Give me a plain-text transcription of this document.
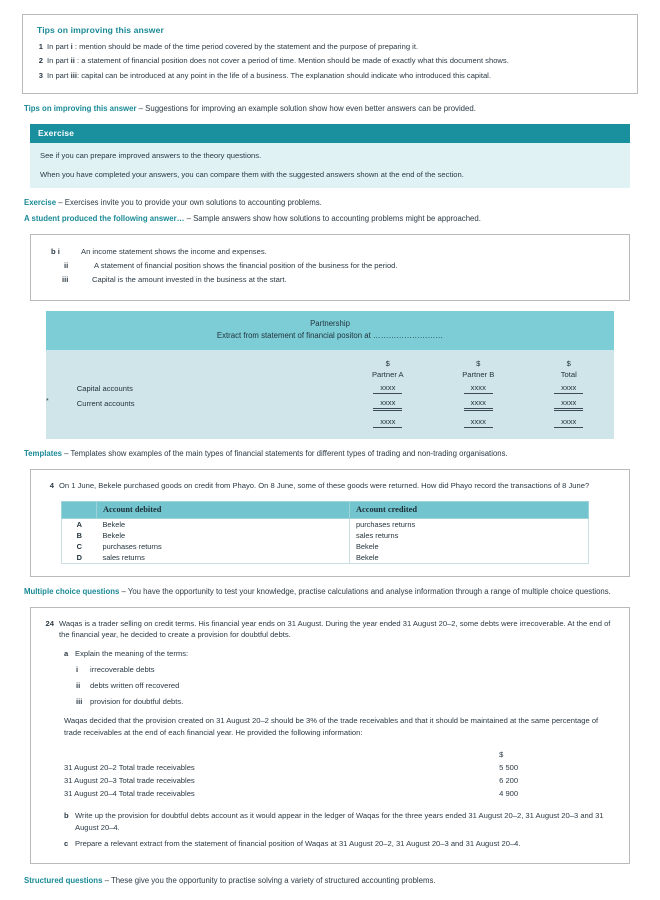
Tips on improving this answer
1 In part i : mention should be made of the time period covered by the statement and the purpose of preparing it.
2 In part ii : a statement of financial position does not cover a period of time. Mention should be made of exactly what this document shows.
3 In part iii: capital can be introduced at any point in the life of a business. The explanation should indicate who introduced this capital.
Tips on improving this answer – Suggestions for improving an example solution show how even better answers can be provided.
Exercise

See if you can prepare improved answers to the theory questions.

When you have completed your answers, you can compare them with the suggested answers shown at the end of the section.

Exercise – Exercises invite you to provide your own solutions to accounting problems.
A student produced the following answer… – Sample answers show how solutions to accounting problems might be approached.
b i	An income statement shows the income and expenses.
ii	A statement of financial position shows the financial position of the business for the period.
iii	Capital is the amount invested in the business at the start.
Partnership
Extract from statement of financial positon at ………………………
		$	$	$
		Partner A	Partner B	Total
	Capital accounts	xxxx	xxxx	xxxx
*	Current accounts	xxxx	xxxx	xxxx
		xxxx	xxxx	xxxx
Templates – Templates show examples of the main types of financial statements for different types of trading and non-trading organisations.
4 On 1 June, Bekele purchased goods on credit from Phayo. On 8 June, some of these goods were returned. How did Phayo record the transactions of 8 June?
	Account debited	Account credited
A	Bekele	purchases returns
B	Bekele	sales returns
C	purchases returns	Bekele
D	sales returns	Bekele
Multiple choice questions – You have the opportunity to test your knowledge, practise calculations and analyse information through a range of multiple choice questions.
24 Waqas is a trader selling on credit terms. His financial year ends on 31 August. During the year ended 31 August 20–2, some debts were irrecoverable. At the end of the financial year, he decided to create a provision for doubtful debts.
a Explain the meaning of the terms:
i	irrecoverable debts
ii	debts written off recovered
iii	provision for doubtful debts.
Waqas decided that the provision created on 31 August 20–2 should be 3% of the trade receivables and that it should be maintained at the same percentage of trade receivables at the end of each financial year. He provided the following information:
	$
31 August 20–2 Total trade receivables	5 500
31 August 20–3 Total trade receivables	6 200
31 August 20–4 Total trade receivables	4 900
b Write up the provision for doubtful debts account as it would appear in the ledger of Waqas for the three years ended 31 August 20–2, 31 August 20–3 and 31 August 20–4.
c Prepare a relevant extract from the statement of financial position of Waqas at 31 August 20–2, 31 August 20–3 and 31 August 20–4.
Structured questions – These give you the opportunity to practise solving a variety of structured accounting problems.
